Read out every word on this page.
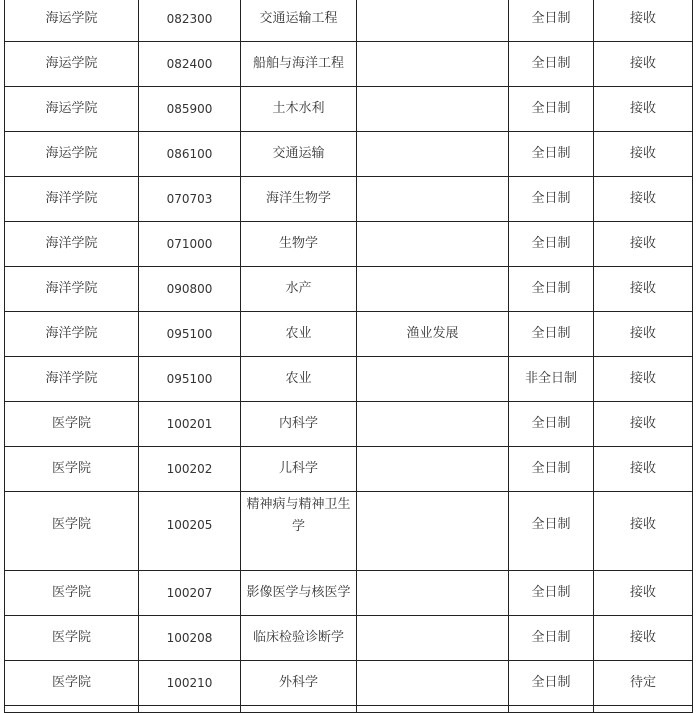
海运学院	082300	交通运输工程		全日制	接收
海运学院	082400	船舶与海洋工程		全日制	接收
海运学院	085900	土木水利		全日制	接收
海运学院	086100	交通运输		全日制	接收
海洋学院	070703	海洋生物学		全日制	接收
海洋学院	071000	生物学		全日制	接收
海洋学院	090800	水产		全日制	接收
海洋学院	095100	农业	渔业发展	全日制	接收
海洋学院	095100	农业		非全日制	接收
医学院	100201	内科学		全日制	接收
医学院	100202	儿科学		全日制	接收
医学院	100205	精神病与精神卫生学		全日制	接收
医学院	100207	影像医学与核医学		全日制	接收
医学院	100208	临床检验诊断学		全日制	接收
医学院	100210	外科学		全日制	待定
